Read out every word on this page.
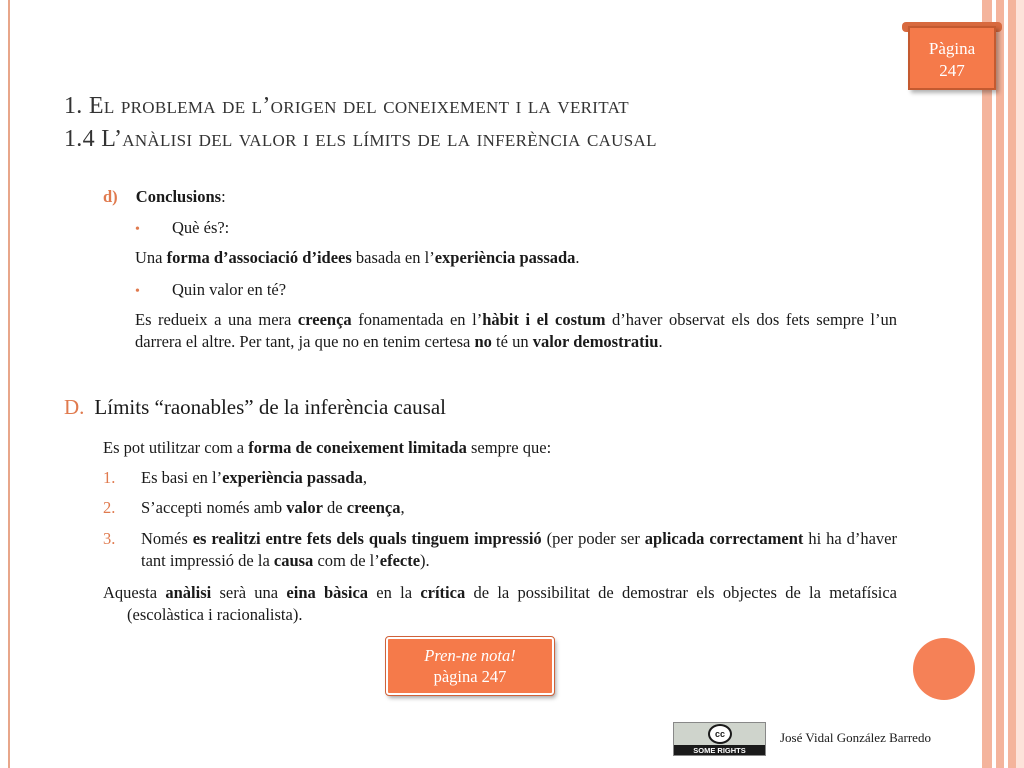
Pàgina
247
1. El problema de l’origen del coneixement i la veritat
1.4 L’anàlisi del valor i els límits de la inferència causal
d) Conclusions:
• Què és?:
Una forma d’associació d’idees basada en l’experiència passada.
• Quin valor en té?
Es redueix a una mera creença fonamentada en l’hàbit i el costum d’haver observat els dos fets sempre l’un darrera el altre. Per tant, ja que no en tenim certesa no té un valor demostratiu.
D. Límits “raonables” de la inferència causal
Es pot utilitzar com a forma de coneixement limitada sempre que:
1. Es basi en l’experiència passada,
2. S’accepti només amb valor de creença,
3. Només es realitzi entre fets dels quals tinguem impressió (per poder ser aplicada correctament hi ha d’haver tant impressió de la causa com de l’efecte).
Aquesta anàlisi serà una eina bàsica en la crítica de la possibilitat de demostrar els objectes de la metafísica (escolàstica i racionalista).
Pren-ne nota!
pàgina 247
cc
SOME RIGHTS RESERVED
José Vidal González Barredo
